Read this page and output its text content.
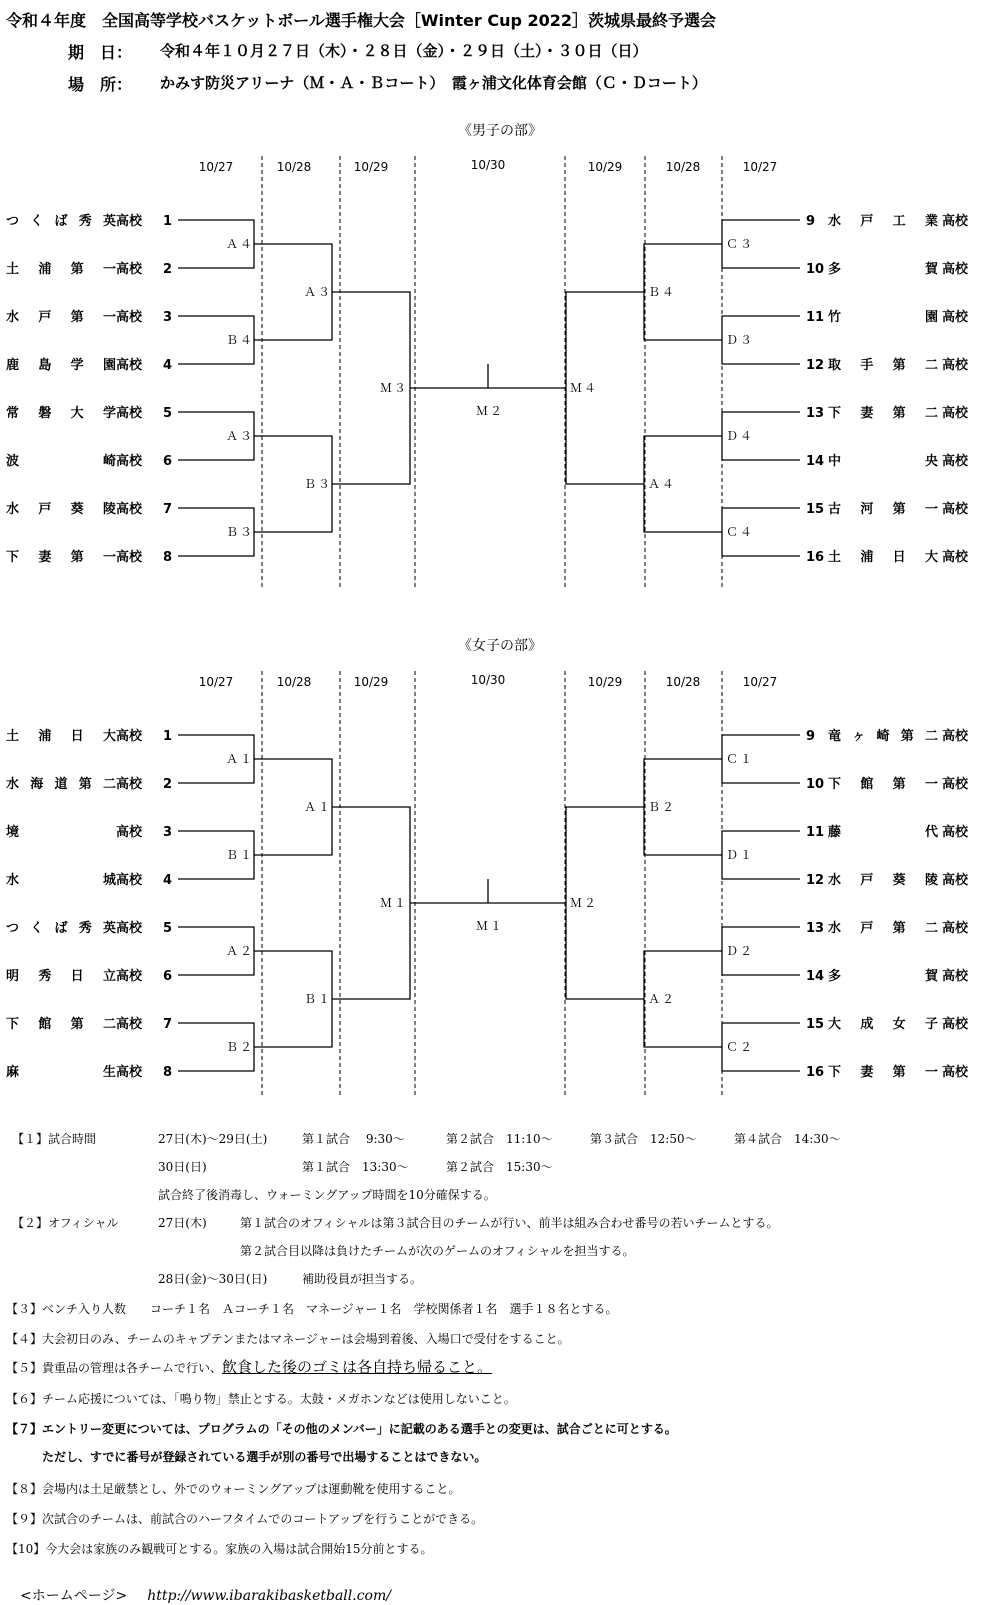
令和４年度　全国高等学校バスケットボール選手権大会［Winter Cup 2022］茨城県最終予選会
期　日： 令和４年１０月２７日（木）・２８日（金）・２９日（土）・３０日（日）
場　所： かみす防災アリーナ（Ｍ・Ａ・Ｂコート）　霞ヶ浦文化体育会館（Ｃ・Ｄコート）
《男子の部》
10/27	10/28	10/29	10/30	10/29	10/28	10/27
つくば秀英高校 1
土浦第一高校 2
水戸第一高校 3
鹿島学園高校 4
常磐大学高校 5
波　崎高校 6
水戸葵陵高校 7
下妻第一高校 8
9 水戸工業 高校
10 多　賀 高校
11 竹　園 高校
12 取手第二 高校
13 下妻第二 高校
14 中　央 高校
15 古河第一 高校
16 土浦日大 高校
Ａ４
Ｂ４
Ａ３
Ｂ３
Ａ３
Ｂ３
Ｍ３
Ｃ３
Ｄ３
Ｄ４
Ｃ４
Ｂ４
Ａ４
Ｍ４
Ｍ２
《女子の部》
10/27	10/28	10/29	10/30	10/29	10/28	10/27
土浦日大高校 1
水海道第二高校 2
境	高校 3
水　城高校 4
つくば秀英高校 5
明秀日立高校 6
下館第二高校 7
麻　生高校 8
9 竜ヶ崎第二 高校
10 下館第一 高校
11 藤　代 高校
12 水戸葵陵 高校
13 水戸第二 高校
14 多　賀 高校
15 大成女子 高校
16 下妻第一 高校
Ａ１
Ｂ１
Ａ２
Ｂ２
Ａ１
Ｂ１
Ｍ１
Ｃ１
Ｄ１
Ｄ２
Ｃ２
Ｂ２
Ａ２
Ｍ２
Ｍ１
【１】試合時間	27日(木)～29日(土)	第１試合　 9:30～	第２試合　11:10～	第３試合　12:50～	第４試合　14:30～
30日(日)	第１試合　13:30～	第２試合　15:30～
試合終了後消毒し、ウォーミングアップ時間を10分確保する。
【２】オフィシャル	27日(木)	第１試合のオフィシャルは第３試合目のチームが行い、前半は組み合わせ番号の若いチームとする。
第２試合目以降は負けたチームが次のゲームのオフィシャルを担当する。
28日(金)～30日(日)	補助役員が担当する。
【３】ベンチ入り人数　　コーチ１名　Ａコーチ１名　マネージャー１名　学校関係者１名　選手１８名とする。
【４】大会初日のみ、チームのキャプテンまたはマネージャーは会場到着後、入場口で受付をすること。
【５】貴重品の管理は各チームで行い、飲食した後のゴミは各自持ち帰ること。
【６】チーム応援については、「鳴り物」禁止とする。太鼓・メガホンなどは使用しないこと。
【７】エントリー変更については、プログラムの「その他のメンバー」に記載のある選手との変更は、試合ごとに可とする。
ただし、すでに番号が登録されている選手が別の番号で出場することはできない。
【８】会場内は土足厳禁とし、外でのウォーミングアップは運動靴を使用すること。
【９】次試合のチームは、前試合のハーフタイムでのコートアップを行うことができる。
【10】今大会は家族のみ観戦可とする。家族の入場は試合開始15分前とする。
<ホームページ> http://www.ibarakibasketball.com/
